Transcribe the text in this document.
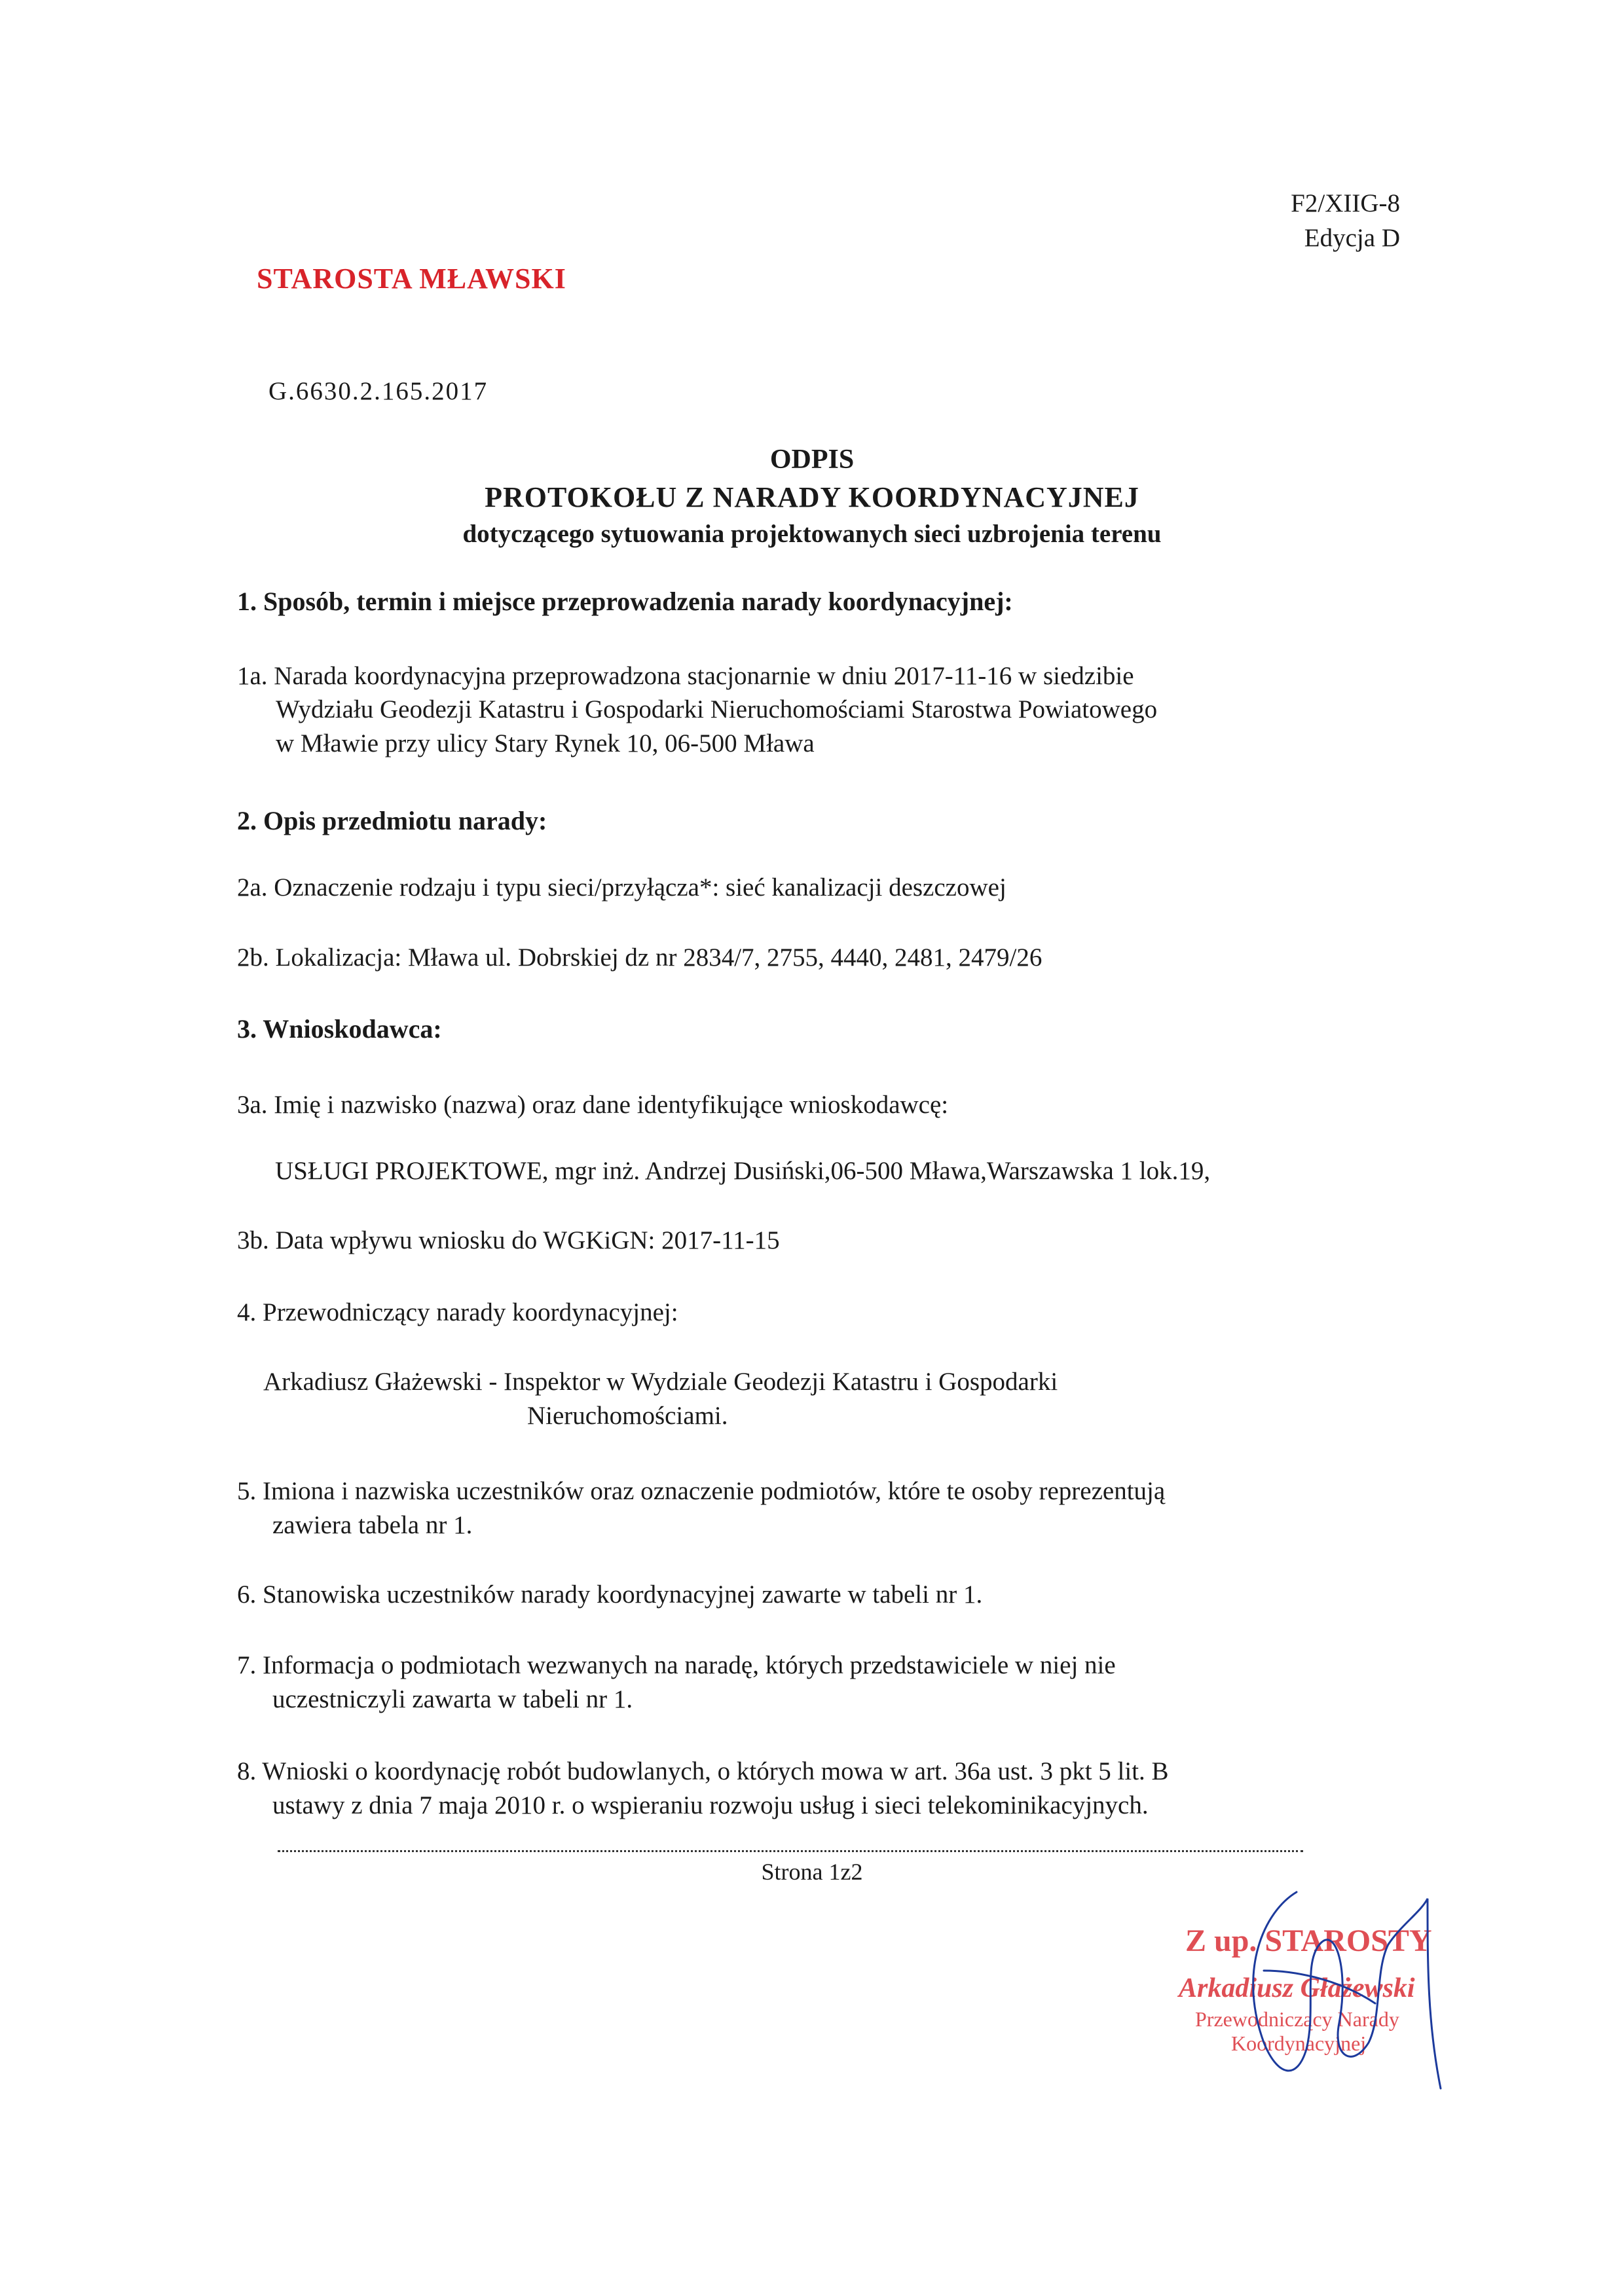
F2/XIIG-8
Edycja D
STAROSTA MŁAWSKI
G.6630.2.165.2017
ODPIS
PROTOKOŁU Z NARADY KOORDYNACYJNEJ
dotyczącego sytuowania projektowanych sieci uzbrojenia terenu
1. Sposób, termin i miejsce przeprowadzenia narady koordynacyjnej:
1a. Narada koordynacyjna przeprowadzona stacjonarnie w dniu 2017-11-16 w siedzibie
Wydziału Geodezji Katastru i Gospodarki Nieruchomościami Starostwa Powiatowego
w Mławie przy ulicy Stary Rynek 10, 06-500 Mława
2. Opis przedmiotu narady:
2a. Oznaczenie rodzaju i typu sieci/przyłącza*: sieć kanalizacji deszczowej
2b. Lokalizacja: Mława ul. Dobrskiej dz nr 2834/7, 2755, 4440, 2481, 2479/26
3. Wnioskodawca:
3a. Imię i nazwisko (nazwa) oraz dane identyfikujące wnioskodawcę:
USŁUGI PROJEKTOWE, mgr inż. Andrzej Dusiński,06-500 Mława,Warszawska 1 lok.19,
3b. Data wpływu wniosku do WGKiGN: 2017-11-15
4. Przewodniczący narady koordynacyjnej:
Arkadiusz Głażewski - Inspektor w Wydziale Geodezji Katastru i Gospodarki
Nieruchomościami.
5. Imiona i nazwiska uczestników oraz oznaczenie podmiotów, które te osoby reprezentują
zawiera tabela nr 1.
6. Stanowiska uczestników narady koordynacyjnej zawarte w tabeli nr 1.
7. Informacja o podmiotach wezwanych na naradę, których przedstawiciele w niej nie
uczestniczyli zawarta w tabeli nr 1.
8. Wnioski o koordynację robót budowlanych, o których mowa w art. 36a ust. 3 pkt 5 lit. B
ustawy z dnia 7 maja 2010 r. o wspieraniu rozwoju usług i sieci telekominikacyjnych.
Strona 1z2
Z up. STAROSTY
Arkadiusz Głażewski
Przewodniczący Narady
Koordynacyjnej
